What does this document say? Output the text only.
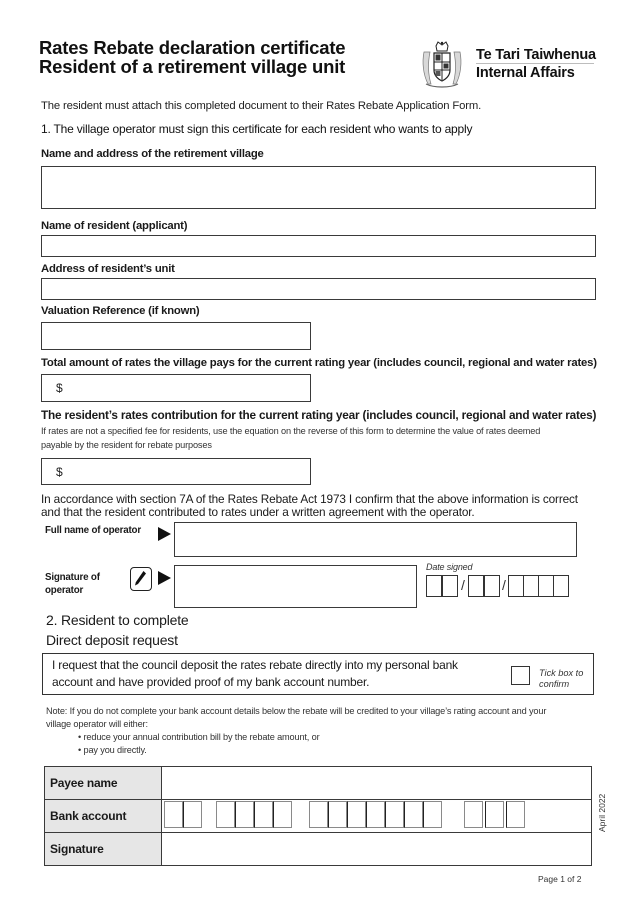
Rates Rebate declaration certificate
Resident of a retirement village unit
Te Tari Taiwhenua
Internal Affairs
The resident must attach this completed document to their Rates Rebate Application Form.
1. The village operator must sign this certificate for each resident who wants to apply
Name and address of the retirement village
Name of resident (applicant)
Address of resident’s unit
Valuation Reference (if known)
Total amount of rates the village pays for the current rating year (includes council, regional and water rates)
$
The resident’s rates contribution for the current rating year (includes council, regional and water rates)
If rates are not a specified fee for residents, use the equation on the reverse of this form to determine the value of rates deemed
payable by the resident for rebate purposes
$
In accordance with section 7A of the Rates Rebate Act 1973 I confirm that the above information is correct
and that the resident contributed to rates under a written agreement with the operator.
Full name of operator
Signature of
operator
Date signed
/	/
2. Resident to complete
Direct deposit request
I request that the council deposit the rates rebate directly into my personal bank
account and have provided proof of my bank account number.
Tick box to
confirm
Note: If you do not complete your bank account details below the rebate will be credited to your village’s rating account and your
village operator will either:
• reduce your annual contribution bill by the rebate amount, or
• pay you directly.
Payee name	
Bank account	
Signature	
April 2022
Page 1 of 2
